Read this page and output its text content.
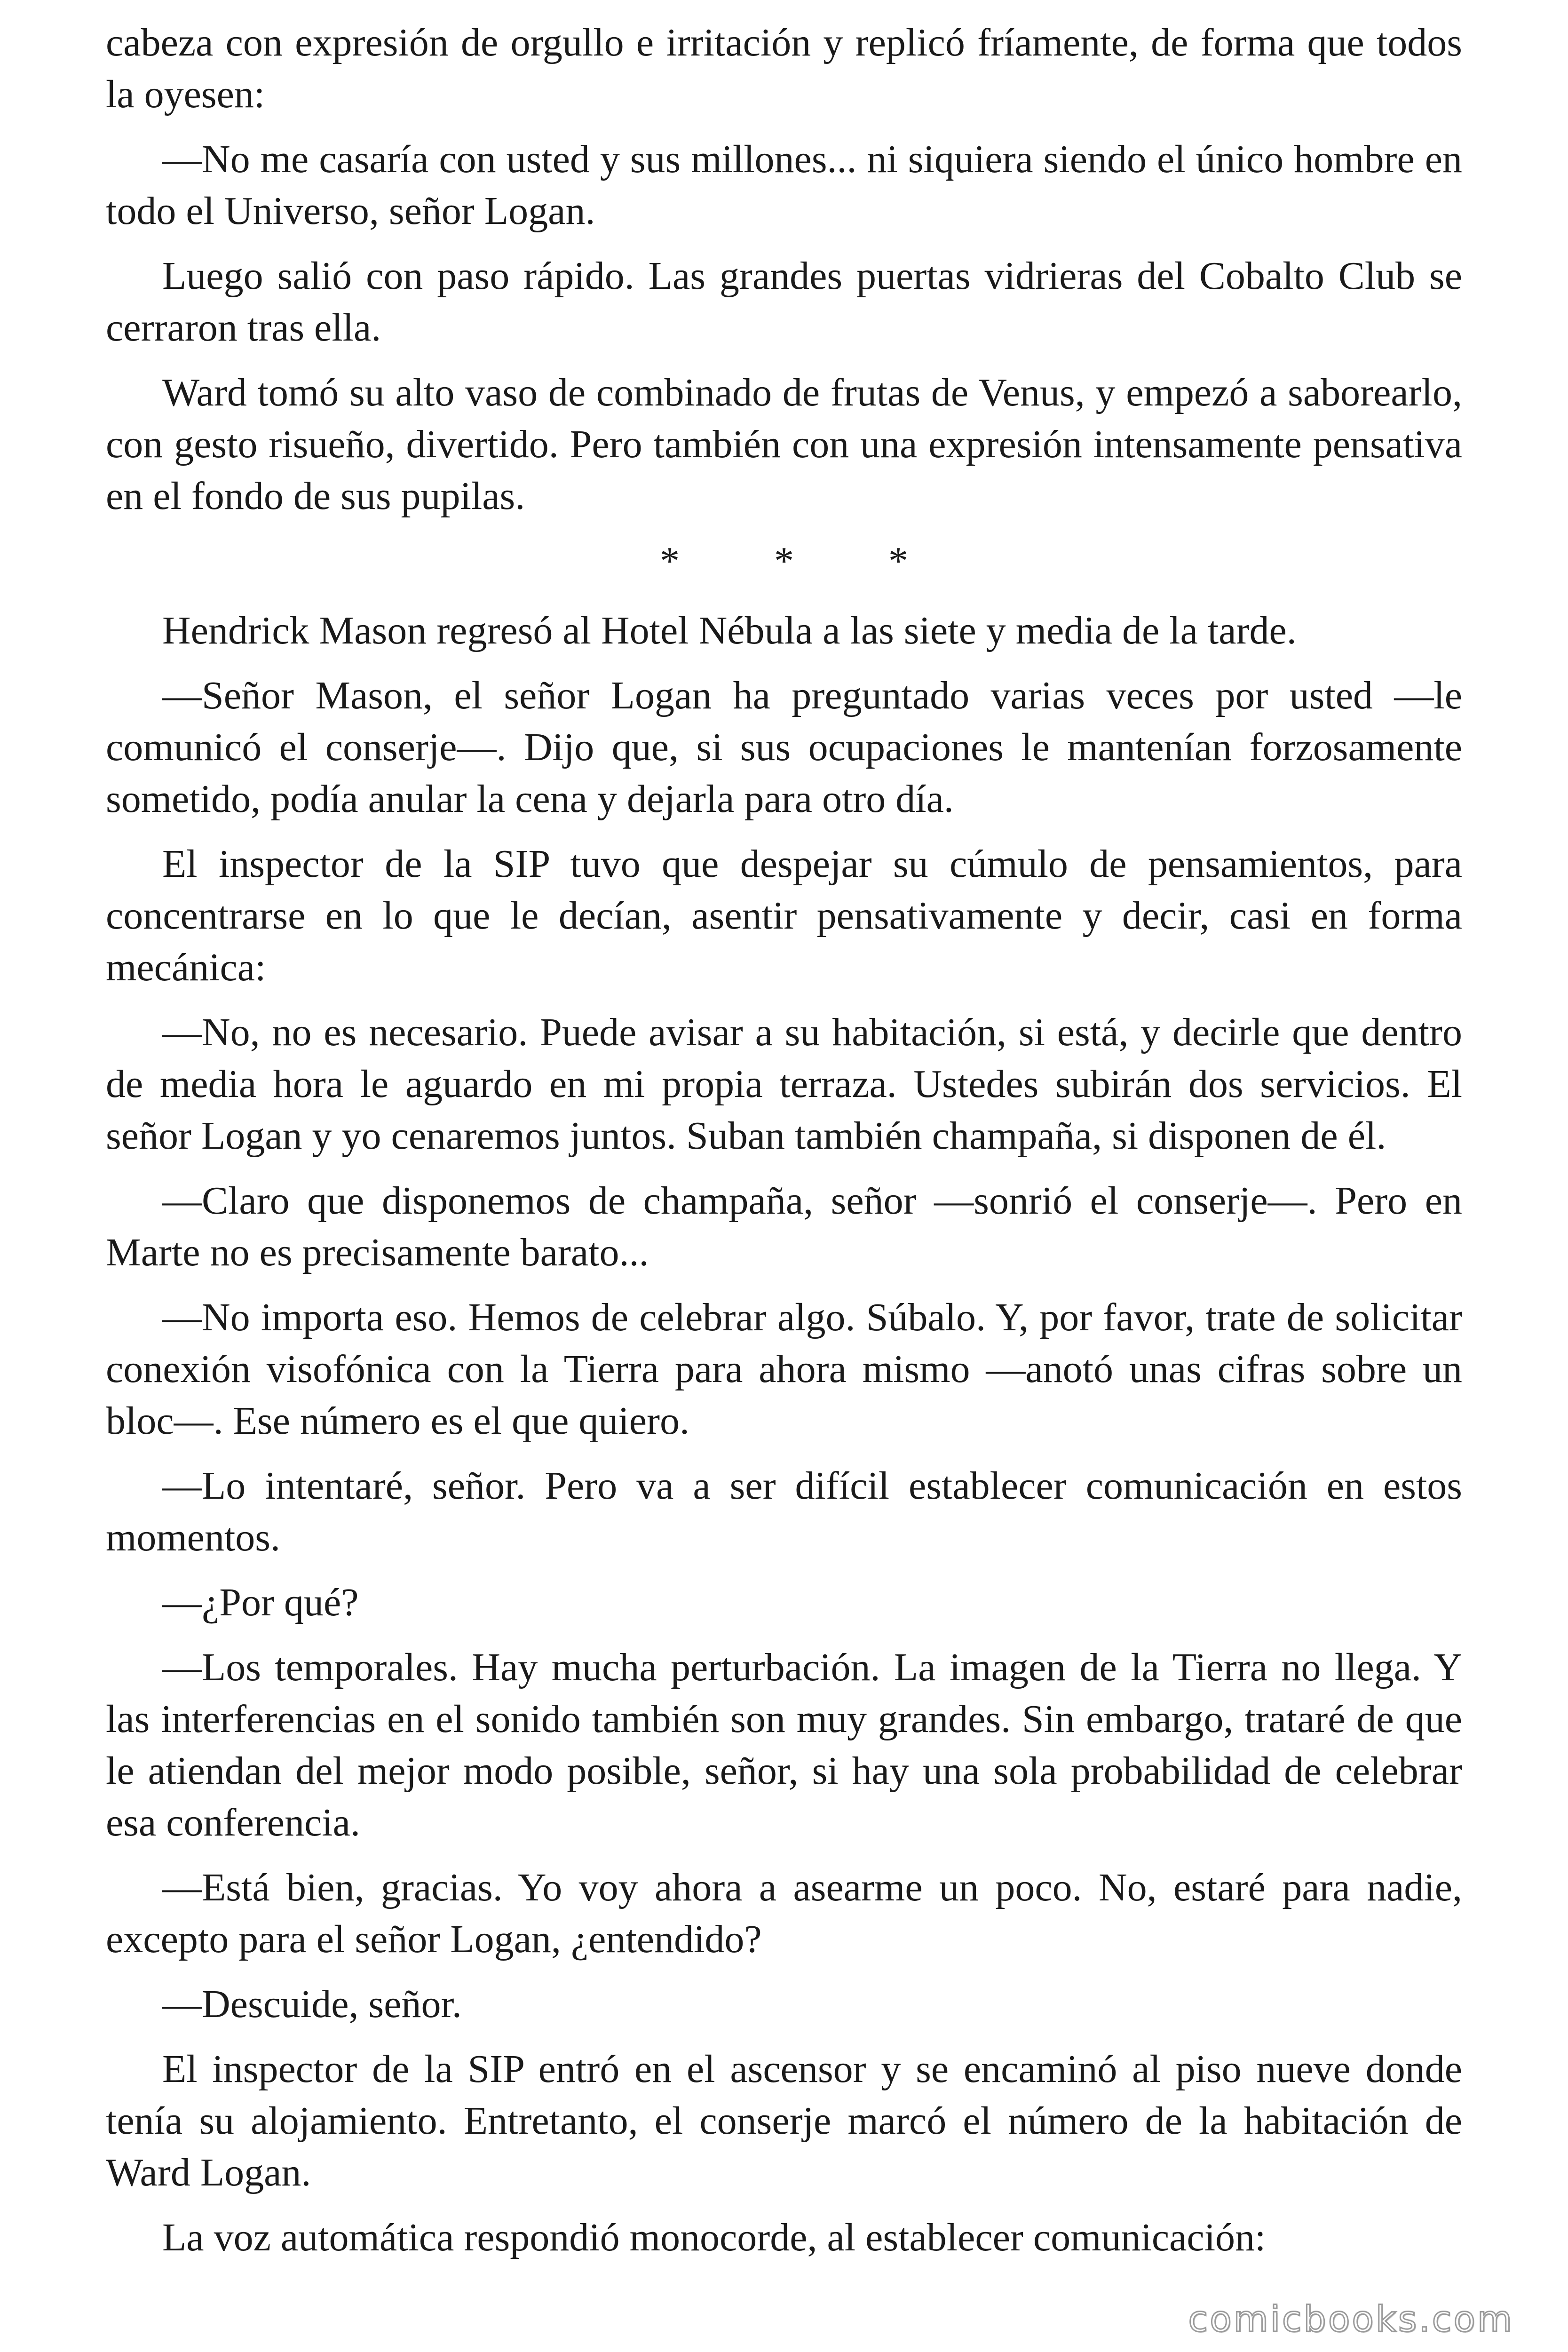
cabeza con expresión de orgullo e irritación y replicó fríamente, de forma que todos la oyesen:

—No me casaría con usted y sus millones... ni siquiera siendo el único hombre en todo el Universo, señor Logan.

Luego salió con paso rápido. Las grandes puertas vidrieras del Cobalto Club se cerraron tras ella.

Ward tomó su alto vaso de combinado de frutas de Venus, y empezó a saborearlo, con gesto risueño, divertido. Pero también con una expresión intensamente pensativa en el fondo de sus pupilas.

* * *

Hendrick Mason regresó al Hotel Nébula a las siete y media de la tarde.

—Señor Mason, el señor Logan ha preguntado varias veces por usted —le comunicó el conserje—. Dijo que, si sus ocupaciones le mantenían forzosamente sometido, podía anular la cena y dejarla para otro día.

El inspector de la SIP tuvo que despejar su cúmulo de pensamientos, para concentrarse en lo que le decían, asentir pensativamente y decir, casi en forma mecánica:

—No, no es necesario. Puede avisar a su habitación, si está, y decirle que dentro de media hora le aguardo en mi propia terraza. Ustedes subirán dos servicios. El señor Logan y yo cenaremos juntos. Suban también champaña, si disponen de él.

—Claro que disponemos de champaña, señor —sonrió el conserje—. Pero en Marte no es precisamente barato...

—No importa eso. Hemos de celebrar algo. Súbalo. Y, por favor, trate de solicitar conexión visofónica con la Tierra para ahora mismo —anotó unas cifras sobre un bloc—. Ese número es el que quiero.

—Lo intentaré, señor. Pero va a ser difícil establecer comunicación en estos momentos.

—¿Por qué?

—Los temporales. Hay mucha perturbación. La imagen de la Tierra no llega. Y las interferencias en el sonido también son muy grandes. Sin embargo, trataré de que le atiendan del mejor modo posible, señor, si hay una sola probabilidad de celebrar esa conferencia.

—Está bien, gracias. Yo voy ahora a asearme un poco. No, estaré para nadie, excepto para el señor Logan, ¿entendido?

—Descuide, señor.

El inspector de la SIP entró en el ascensor y se encaminó al piso nueve donde tenía su alojamiento. Entretanto, el conserje marcó el número de la habitación de Ward Logan.

La voz automática respondió monocorde, al establecer comunicación:

comicbooks.com
